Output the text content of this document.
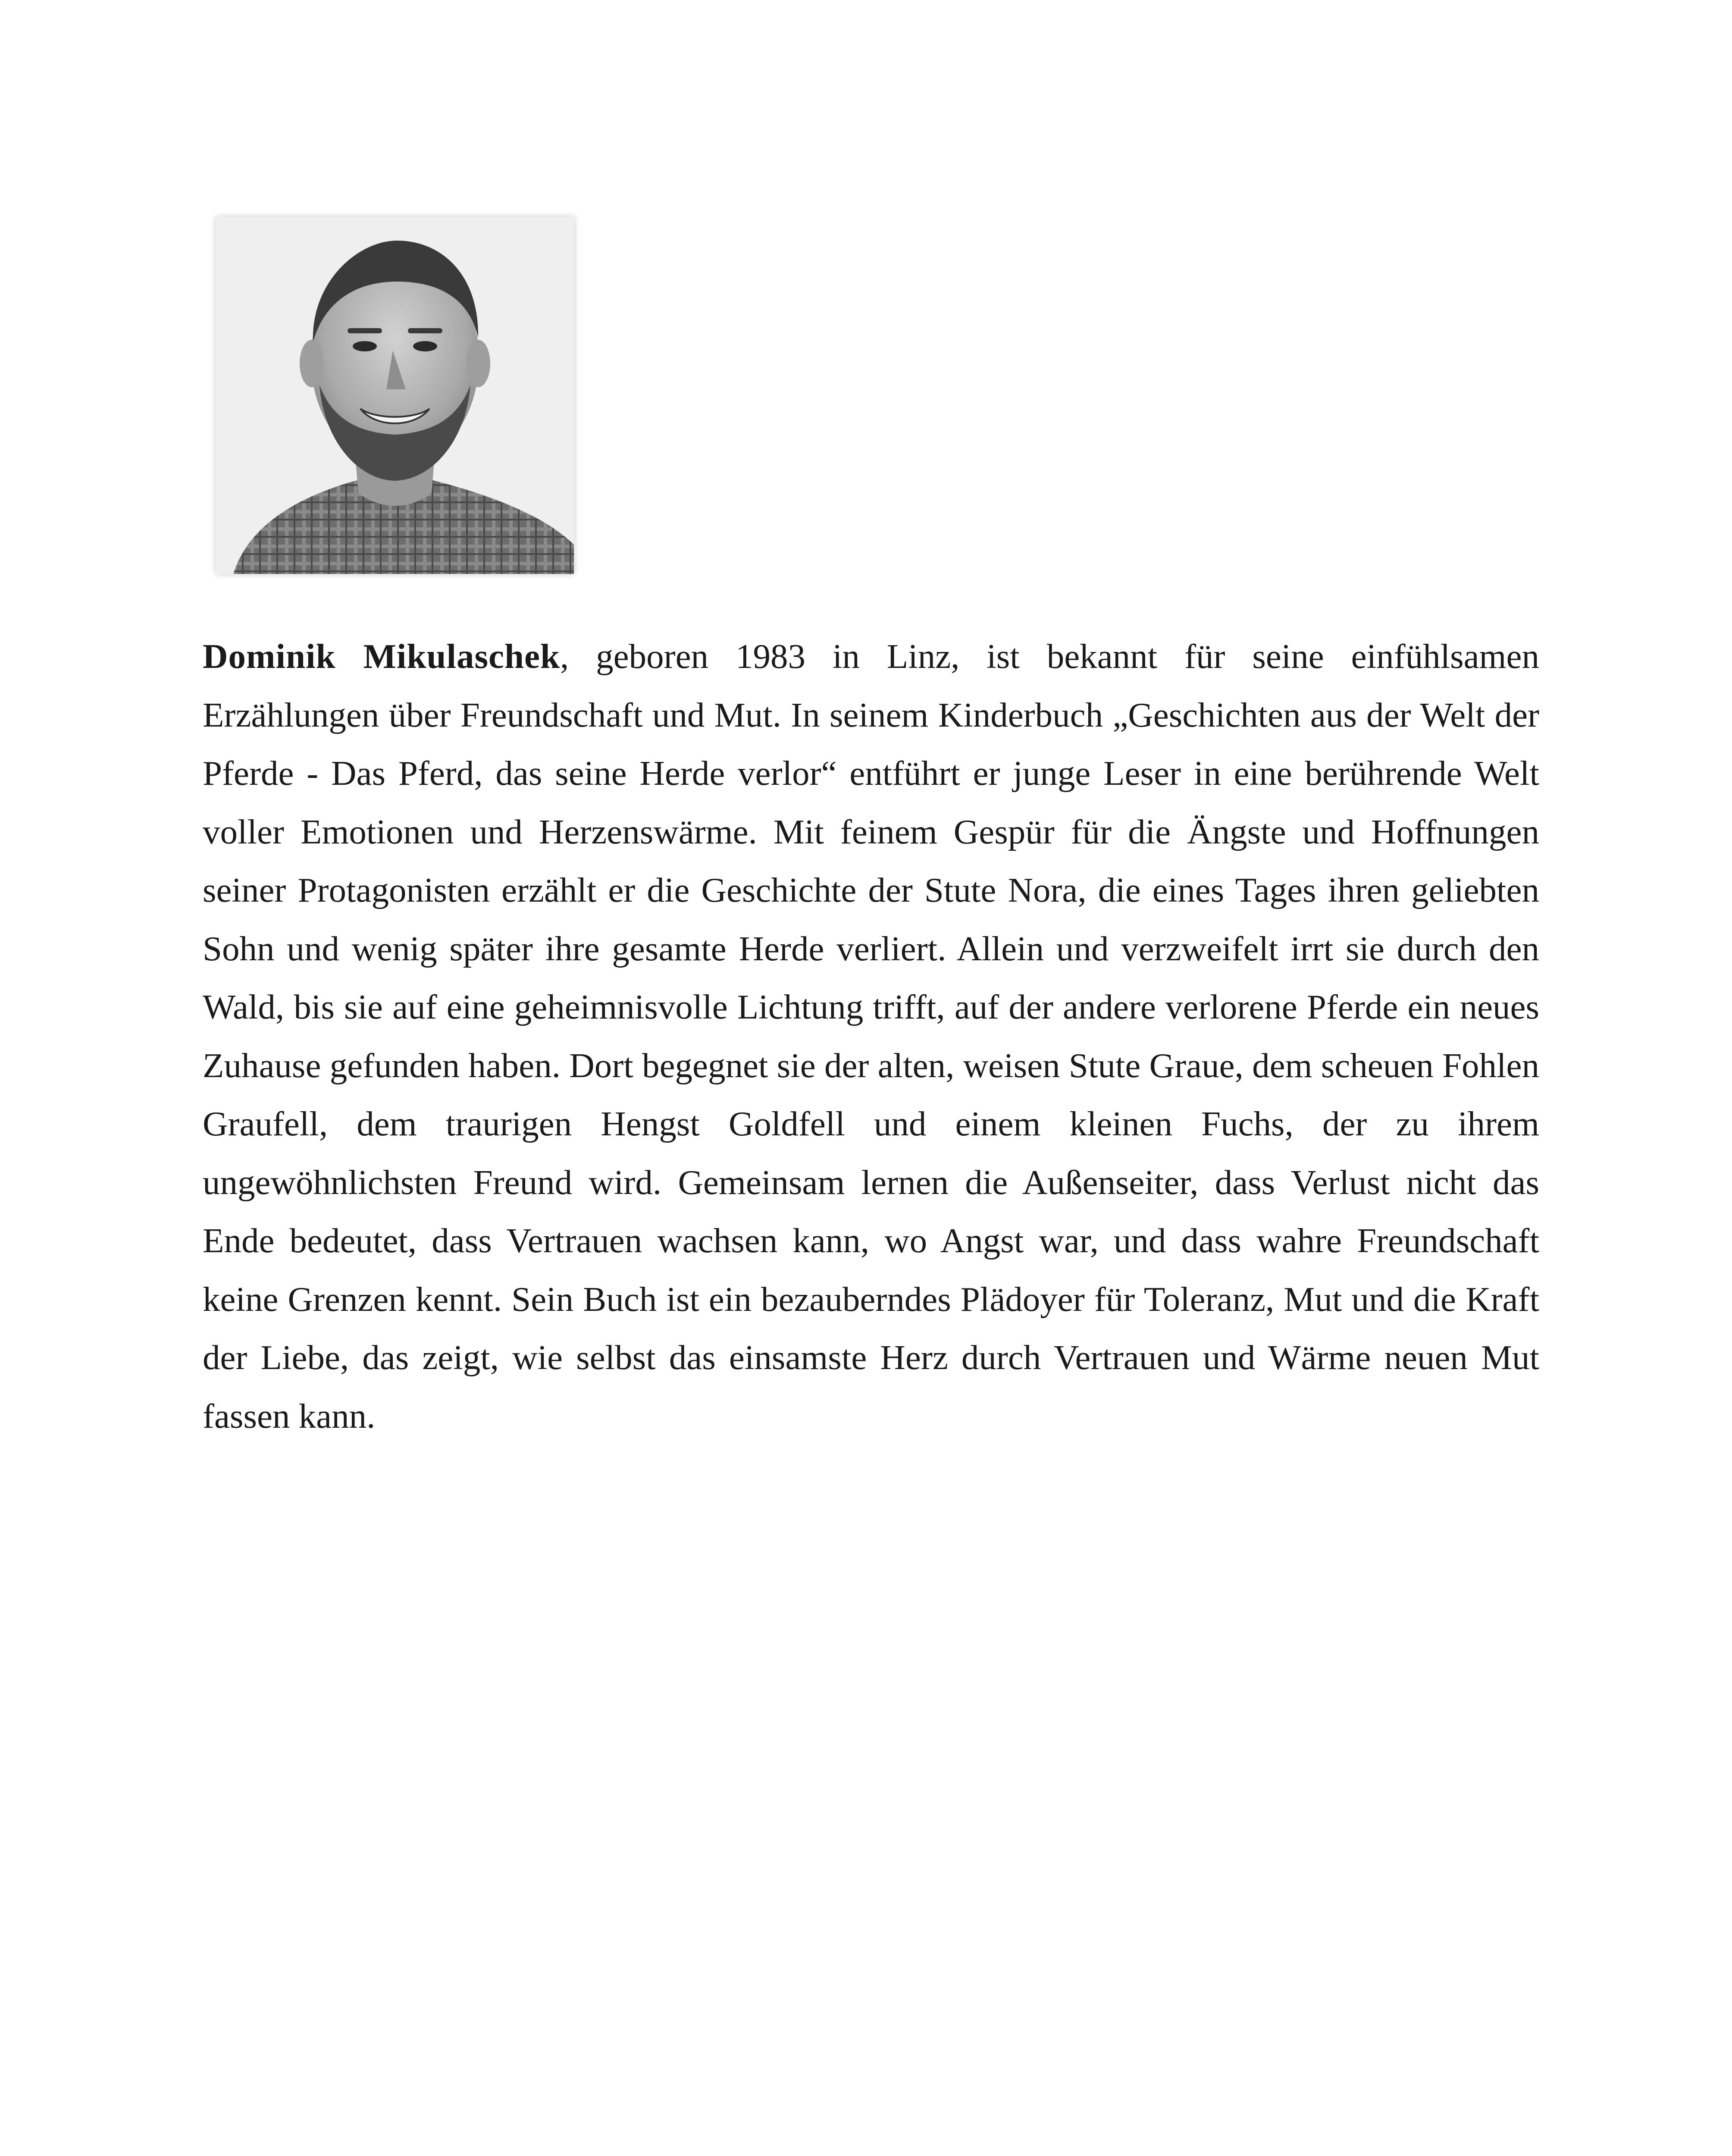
Dominik Mikulaschek, geboren 1983 in Linz, ist bekannt für seine einfühlsamen Erzählungen über Freundschaft und Mut. In seinem Kinderbuch „Geschichten aus der Welt der Pferde - Das Pferd, das seine Herde verlor“ entführt er junge Leser in eine berührende Welt voller Emotionen und Herzenswärme. Mit feinem Gespür für die Ängste und Hoffnungen seiner Protagonisten erzählt er die Geschichte der Stute Nora, die eines Tages ihren geliebten Sohn und wenig später ihre gesamte Herde verliert. Allein und verzweifelt irrt sie durch den Wald, bis sie auf eine geheimnisvolle Lichtung trifft, auf der andere verlorene Pferde ein neues Zuhause gefunden haben. Dort begegnet sie der alten, weisen Stute Graue, dem scheuen Fohlen Graufell, dem traurigen Hengst Goldfell und einem kleinen Fuchs, der zu ihrem ungewöhnlichsten Freund wird. Gemeinsam lernen die Außenseiter, dass Verlust nicht das Ende bedeutet, dass Vertrauen wachsen kann, wo Angst war, und dass wahre Freundschaft keine Grenzen kennt. Sein Buch ist ein bezauberndes Plädoyer für Toleranz, Mut und die Kraft der Liebe, das zeigt, wie selbst das einsamste Herz durch Vertrauen und Wärme neuen Mut fassen kann.
